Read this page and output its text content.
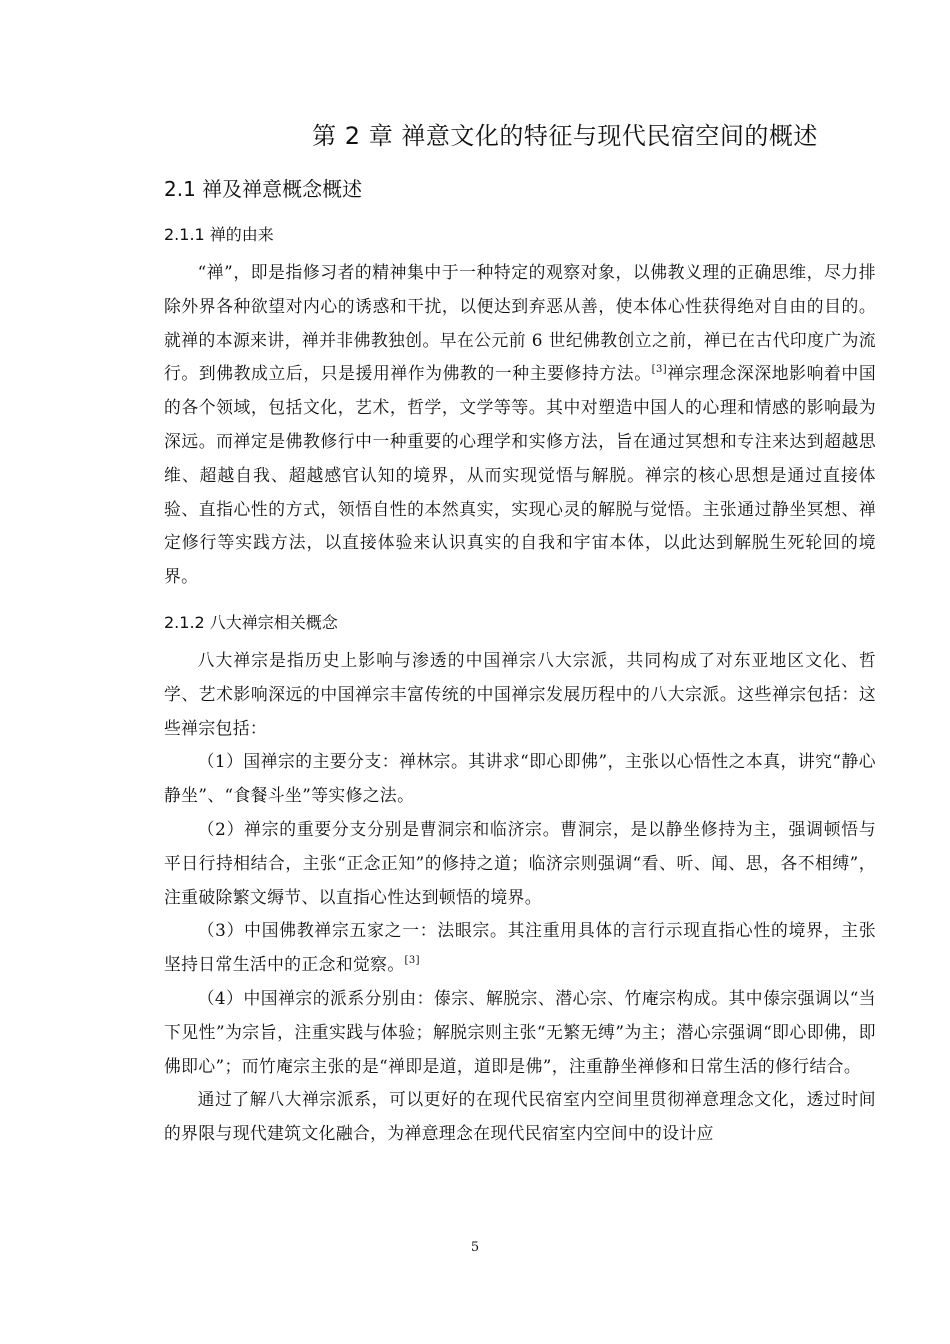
第 2 章 禅意文化的特征与现代民宿空间的概述
2.1 禅及禅意概念概述
2.1.1 禅的由来

“禅”，即是指修习者的精神集中于一种特定的观察对象，以佛教义理的正确思维，尽力排除外界各种欲望对内心的诱惑和干扰，以便达到弃恶从善，使本体心性获得绝对自由的目的。就禅的本源来讲，禅并非佛教独创。早在公元前 6 世纪佛教创立之前，禅已在古代印度广为流行。到佛教成立后，只是援用禅作为佛教的一种主要修持方法。[3]禅宗理念深深地影响着中国的各个领域，包括文化，艺术，哲学，文学等等。其中对塑造中国人的心理和情感的影响最为深远。而禅定是佛教修行中一种重要的心理学和实修方法，旨在通过冥想和专注来达到超越思维、超越自我、超越感官认知的境界，从而实现觉悟与解脱。禅宗的核心思想是通过直接体验、直指心性的方式，领悟自性的本然真实，实现心灵的解脱与觉悟。主张通过静坐冥想、禅定修行等实践方法，以直接体验来认识真实的自我和宇宙本体，以此达到解脱生死轮回的境界。

2.1.2 八大禅宗相关概念

八大禅宗是指历史上影响与渗透的中国禅宗八大宗派，共同构成了对东亚地区文化、哲学、艺术影响深远的中国禅宗丰富传统的中国禅宗发展历程中的八大宗派。这些禅宗包括：这些禅宗包括：

（1）国禅宗的主要分支：禅林宗。其讲求“即心即佛”，主张以心悟性之本真，讲究“静心静坐”、“食餐斗坐”等实修之法。

（2）禅宗的重要分支分别是曹洞宗和临济宗。曹洞宗，是以静坐修持为主，强调顿悟与平日行持相结合，主张“正念正知”的修持之道；临济宗则强调“看、听、闻、思，各不相缚”，注重破除繁文缛节、以直指心性达到顿悟的境界。

（3）中国佛教禅宗五家之一：法眼宗。其注重用具体的言行示现直指心性的境界，主张坚持日常生活中的正念和觉察。[3]

（4）中国禅宗的派系分别由：傣宗、解脱宗、潜心宗、竹庵宗构成。其中傣宗强调以“当下见性”为宗旨，注重实践与体验；解脱宗则主张“无繁无缚”为主；潜心宗强调“即心即佛，即佛即心”；而竹庵宗主张的是“禅即是道，道即是佛”，注重静坐禅修和日常生活的修行结合。

通过了解八大禅宗派系，可以更好的在现代民宿室内空间里贯彻禅意理念文化，透过时间的界限与现代建筑文化融合，为禅意理念在现代民宿室内空间中的设计应

5
